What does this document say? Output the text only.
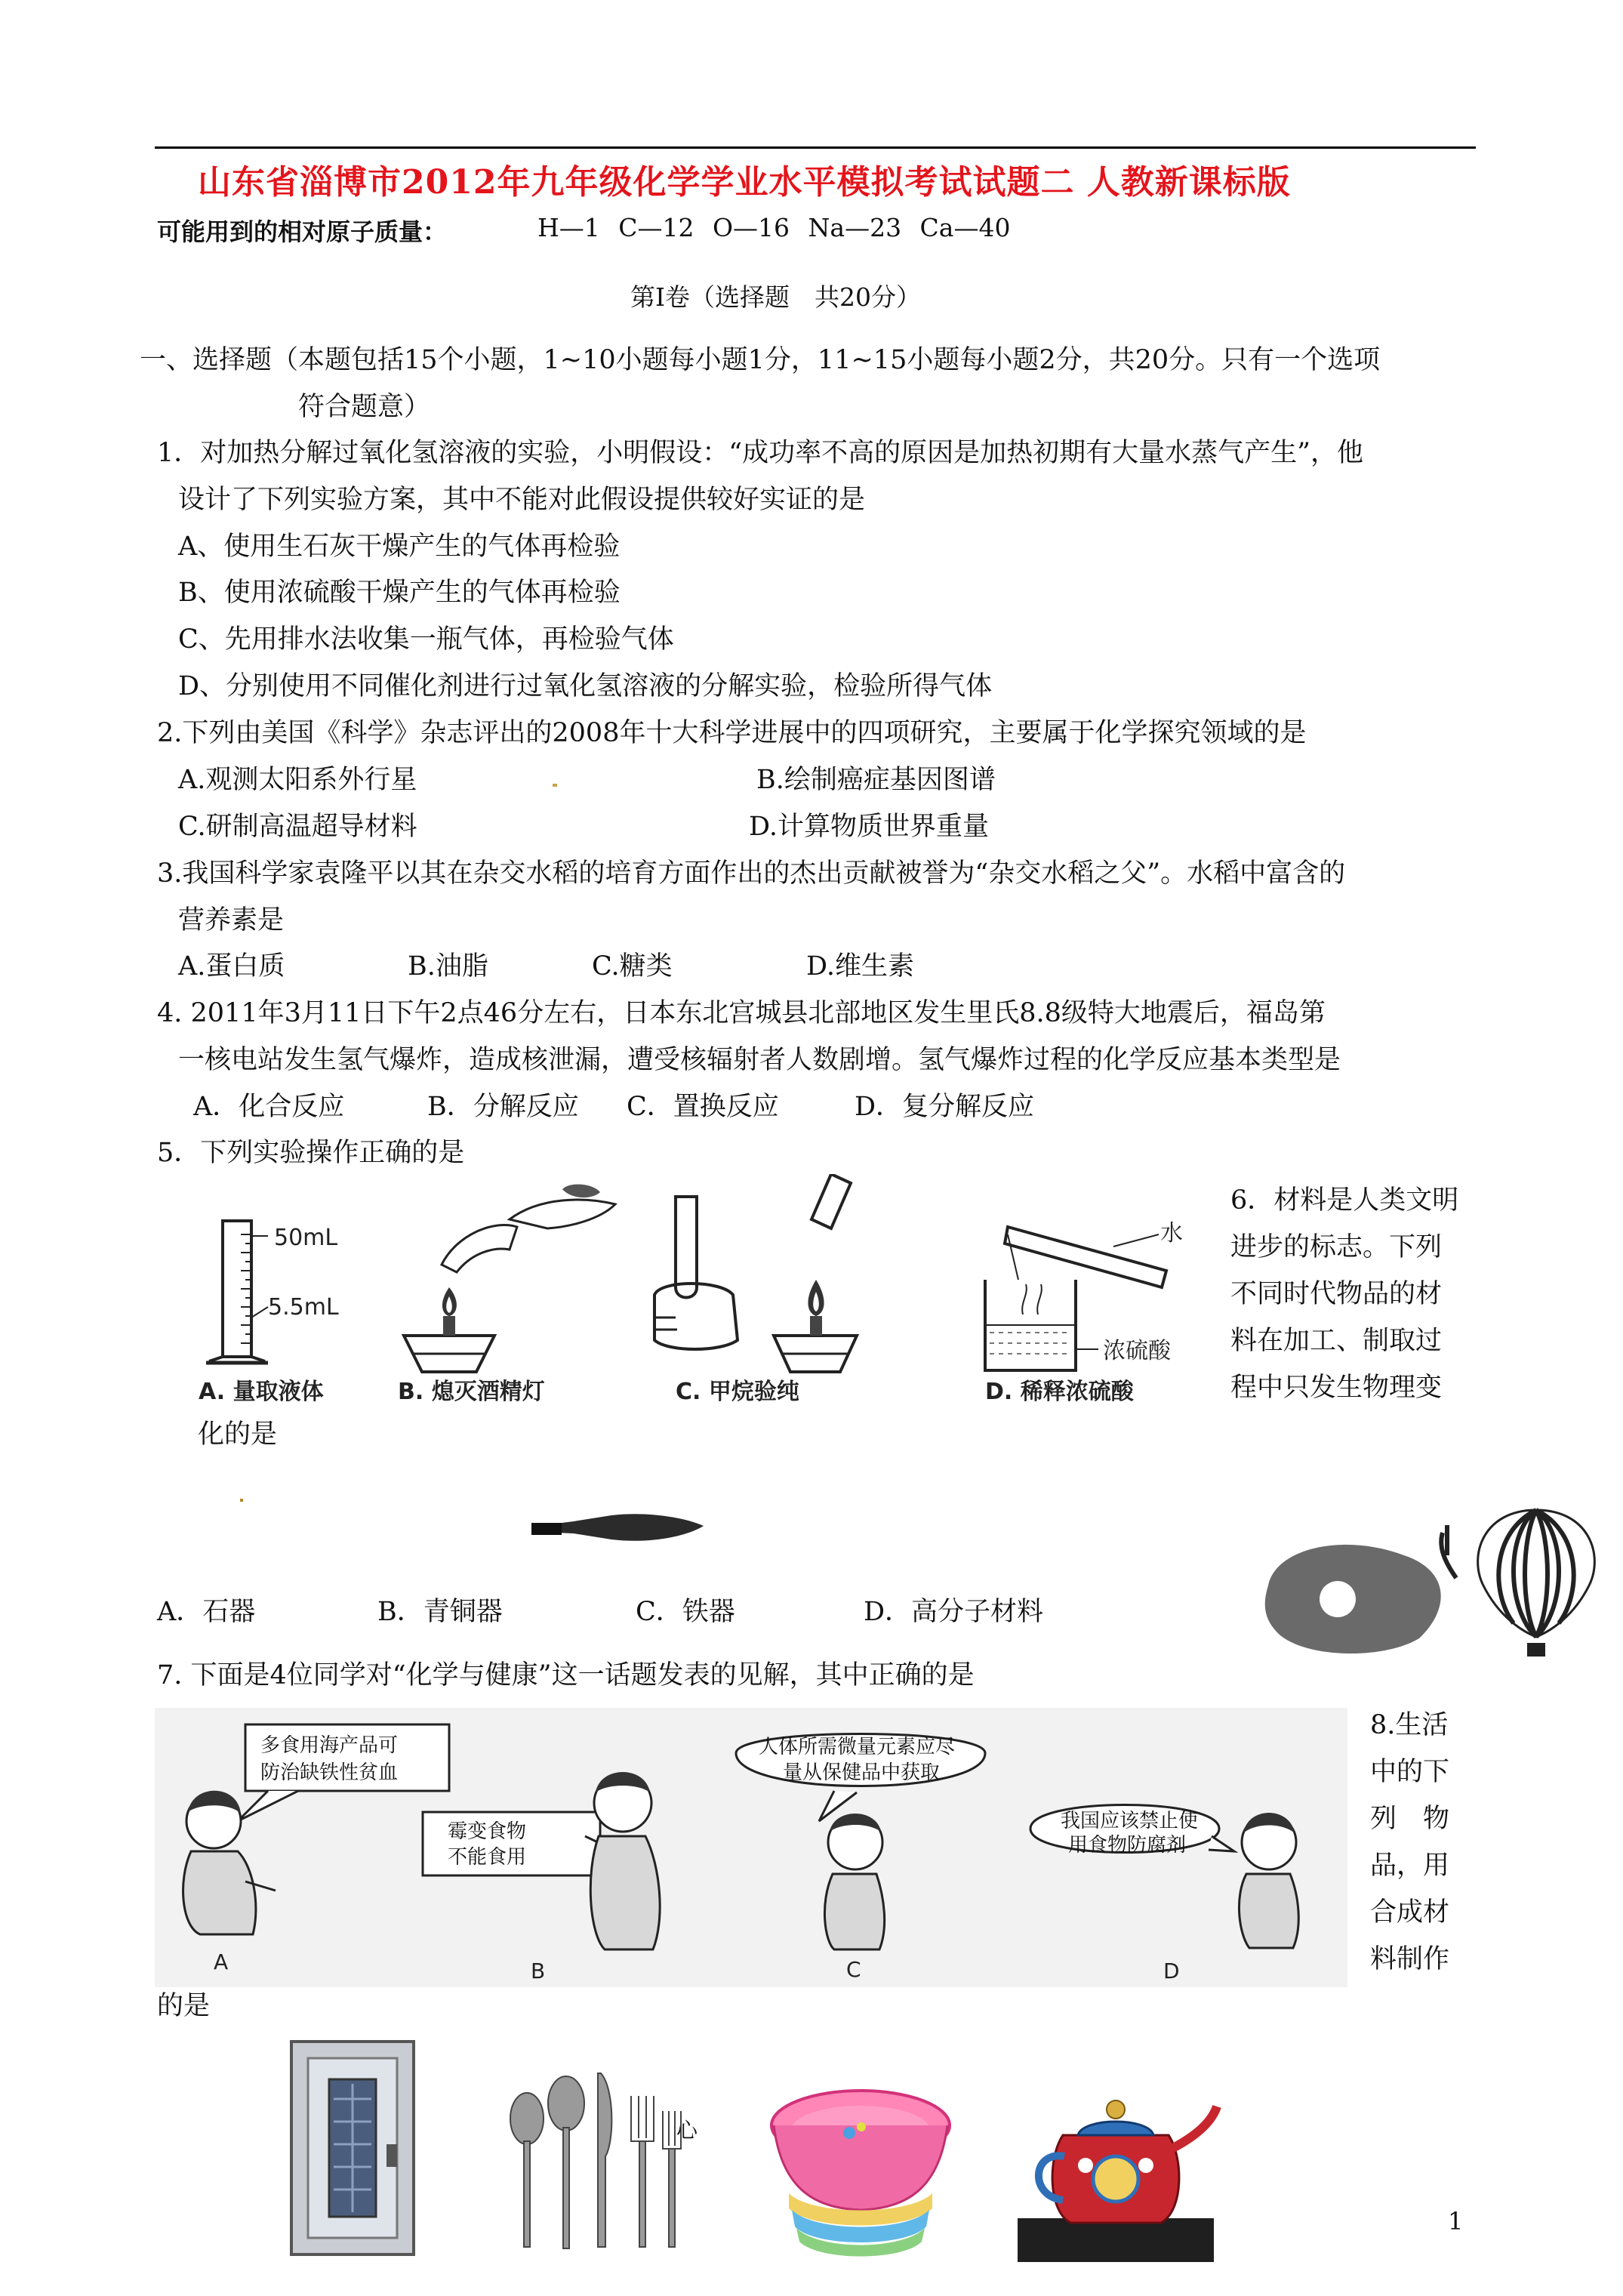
山东省淄博市2012年九年级化学学业水平模拟考试试题二 人教新课标版
可能用到的相对原子质量：	H—1 C—12 O—16 Na—23 Ca—40
第Ⅰ卷（选择题　共20分）
一、选择题（本题包括15个小题，1~10小题每小题1分，11~15小题每小题2分，共20分。只有一个选项
符合题意）
1．对加热分解过氧化氢溶液的实验，小明假设：“成功率不高的原因是加热初期有大量水蒸气产生”，他
设计了下列实验方案，其中不能对此假设提供较好实证的是
A、使用生石灰干燥产生的气体再检验
B、使用浓硫酸干燥产生的气体再检验
C、先用排水法收集一瓶气体，再检验气体
D、分别使用不同催化剂进行过氧化氢溶液的分解实验，检验所得气体
2.下列由美国《科学》杂志评出的2008年十大科学进展中的四项研究，主要属于化学探究领域的是
A.观测太阳系外行星	B.绘制癌症基因图谱
C.研制高温超导材料	D.计算物质世界重量
3.我国科学家袁隆平以其在杂交水稻的培育方面作出的杰出贡献被誉为“杂交水稻之父”。水稻中富含的
营养素是
A.蛋白质	B.油脂	C.糖类	D.维生素
4. 2011年3月11日下午2点46分左右，日本东北宫城县北部地区发生里氏8.8级特大地震后，福岛第
一核电站发生氢气爆炸，造成核泄漏，遭受核辐射者人数剧增。氢气爆炸过程的化学反应基本类型是
A．化合反应	B．分解反应 C．置换反应	D．复分解反应
5．下列实验操作正确的是
50mL
5.5mL
A. 量取液体	B. 熄灭酒精灯	C. 甲烷验纯
水
浓硫酸
D. 稀释浓硫酸
6．材料是人类文明
进步的标志。下列
不同时代物品的材
料在加工、制取过
程中只发生物理变
化的是
A．石器	B．青铜器	C．铁器	D．高分子材料
7. 下面是4位同学对“化学与健康”这一话题发表的见解，其中正确的是
多食用海产品可
防治缺铁性贫血
A
霉变食物
不能食用
B
人体所需微量元素应尽
量从保健品中获取
C
我国应该禁止使
用食物防腐剂
D
8.生活
中的下
列　物
品，用
合成材
料制作
的是
心
1
